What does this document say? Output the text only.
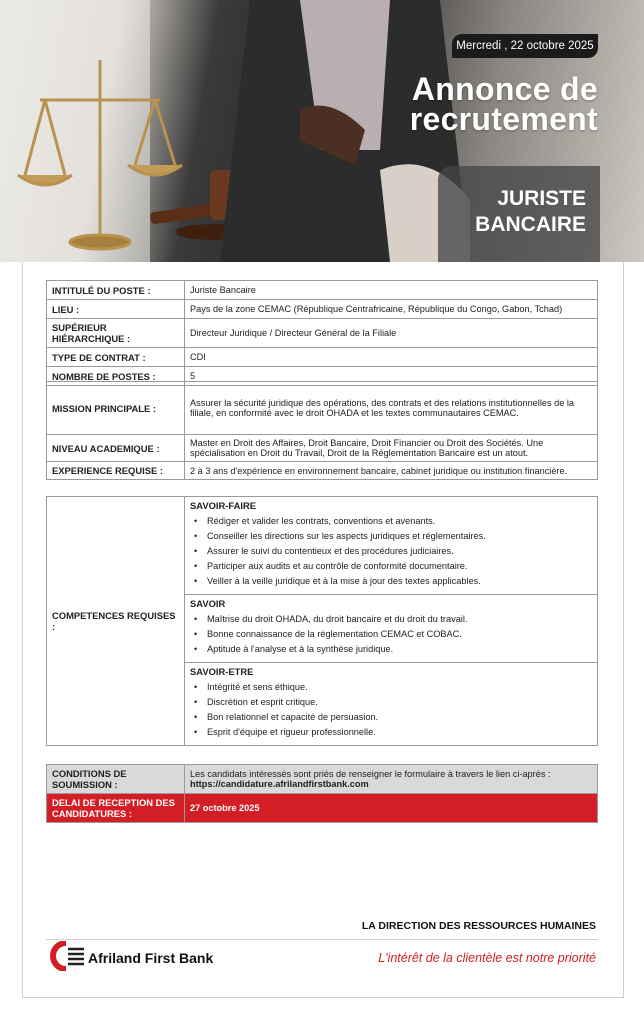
Mercredi , 22 octobre 2025
Annonce de
recrutement
JURISTE
BANCAIRE
INTITULÉ DU POSTE :	Juriste Bancaire
LIEU :	Pays de la zone CEMAC (République Centrafricaine, République du Congo, Gabon, Tchad)
SUPÉRIEUR HIÉRARCHIQUE :	Directeur Juridique / Directeur Général de la Filiale
TYPE DE CONTRAT :	CDI
NOMBRE DE POSTES :	5
MISSION PRINCIPALE :	Assurer la sécurité juridique des opérations, des contrats et des relations institutionnelles de la filiale, en conformité avec le droit OHADA et les textes communautaires CEMAC.
NIVEAU ACADEMIQUE :	Master en Droit des Affaires, Droit Bancaire, Droit Financier ou Droit des Sociétés. Une spécialisation en Droit du Travail, Droit de la Réglementation Bancaire est un atout.
EXPERIENCE REQUISE :	2 à 3 ans d'expérience en environnement bancaire, cabinet juridique ou institution financière.
COMPETENCES REQUISES :	
SAVOIR-FAIRE
• Rédiger et valider les contrats, conventions et avenants.
• Conseiller les directions sur les aspects juridiques et réglementaires.
• Assurer le suivi du contentieux et des procédures judiciaires.
• Participer aux audits et au contrôle de conformité documentaire.
• Veiller à la veille juridique et à la mise à jour des textes applicables.
SAVOIR
• Maîtrise du droit OHADA, du droit bancaire et du droit du travail.
• Bonne connaissance de la réglementation CEMAC et COBAC.
• Aptitude à l'analyse et à la synthèse juridique.
SAVOIR-ETRE
• Intégrité et sens éthique.
• Discrétion et esprit critique.
• Bon relationnel et capacité de persuasion.
• Esprit d'équipe et rigueur professionnelle.
CONDITIONS DE SOUMISSION :	Les candidats intéressés sont priés de renseigner le formulaire à travers le lien ci-après :
https://candidature.afrilandfirstbank.com

DELAI DE RECEPTION DES CANDIDATURES :	27 octobre 2025
LA DIRECTION DES RESSOURCES HUMAINES
Afriland First Bank	L'intérêt de la clientèle est notre priorité
